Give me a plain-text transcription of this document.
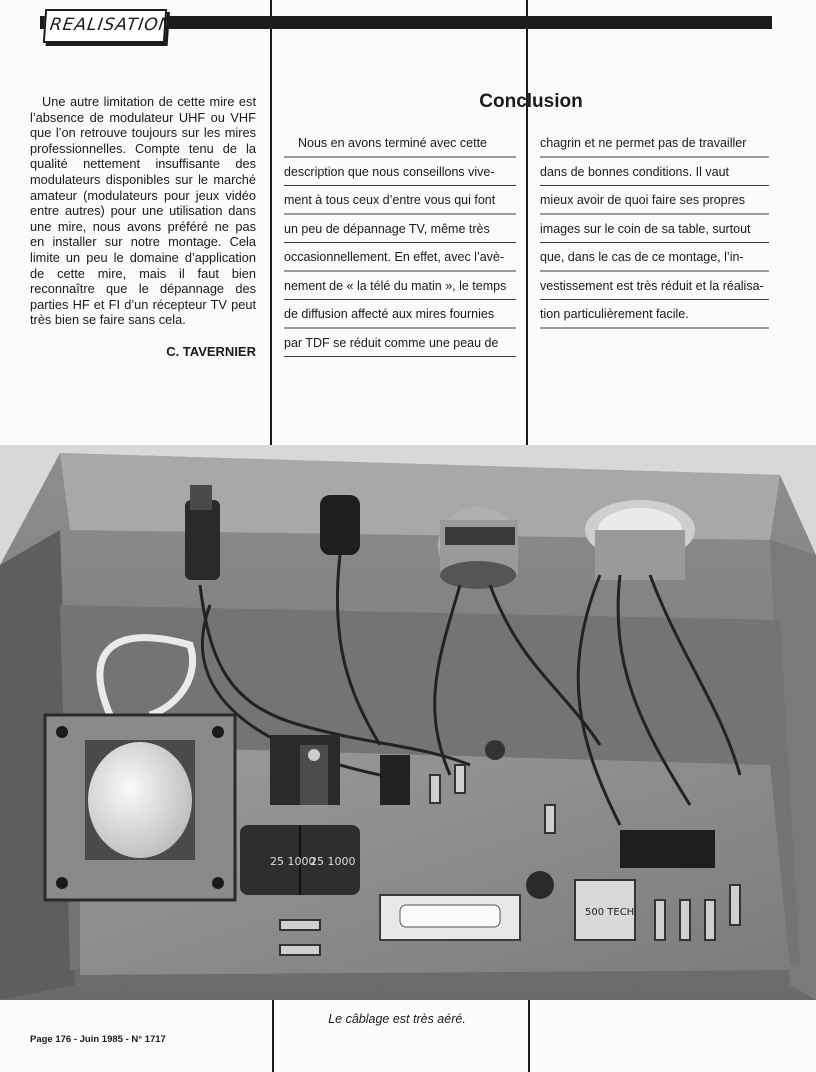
REALISATION
Une autre limitation de cette mire est l’absence de modulateur UHF ou VHF que l’on retrouve toujours sur les mires professionnelles. Compte tenu de la qualité nettement insuffisante des modulateurs disponibles sur le marché amateur (modulateurs pour jeux vidéo entre autres) pour une utilisation dans une mire, nous avons préféré ne pas en installer sur notre montage. Cela limite un peu le domaine d’application de cette mire, mais il faut bien reconnaître que le dépannage des parties HF et FI d’un récepteur TV peut très bien se faire sans cela.
C. TAVERNIER
Conclusion
Nous en avons terminé avec cette
description que nous conseillons vive-
ment à tous ceux d’entre vous qui font
un peu de dépannage TV, même très
occasionnellement. En effet, avec l’avè-
nement de « la télé du matin », le temps
de diffusion affecté aux mires fournies
par TDF se réduit comme une peau de
chagrin et ne permet pas de travailler
dans de bonnes conditions. Il vaut
mieux avoir de quoi faire ses propres
images sur le coin de sa table, surtout
que, dans le cas de ce montage, l’in-
vestissement est très réduit et la réalisa-
tion particulièrement facile.
25 1000
25 1000
500 TECH
Le câblage est très aéré.
Page 176 - Juin 1985 - N° 1717
